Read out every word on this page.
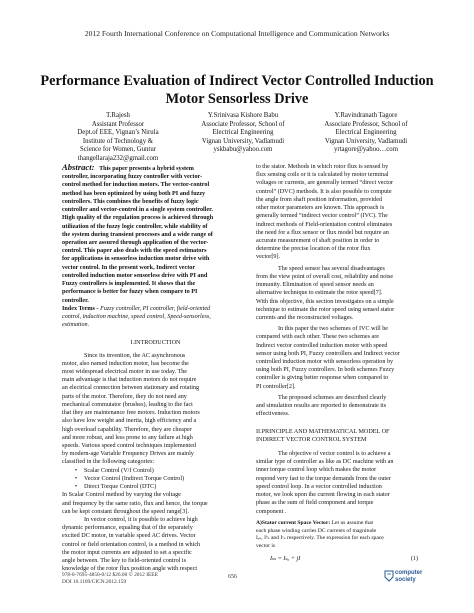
2012 Fourth International Conference on Computational Intelligence and Communication Networks
Performance Evaluation of Indirect Vector Controlled Induction
Motor Sensorless Drive
T.Rajesh
Assistant Professor
Dept.of EEE, Vignan’s Nirula
Institute of Technology &
Science for Women, Guntur
thangellaraja232@gmail.com
Y.Srinivasa Kishore Babu
Associate Professor, School of
Electrical Engineering
Vignan University, Vadlamudi
yskbabu@yahoo.com
Y.Ravindranath Tagore
Associate Professor, School of
Electrical Engineering
Vignan University, Vadlamudi
yrtagore@yahoo…com

Abstract: This paper presents a hybrid system

controller, incorporating fuzzy controller with vector-

control method for induction motors. The vector-control

method has been optimized by using both PI and fuzzy

controllers. This combines the benefits of fuzzy logic

controller and vector-control in a single system controller.

High quality of the regulation process is achieved through

utilization of the fuzzy logic controller, while stability of

the system during transient processes and a wide range of

operation are assured through application of the vector-

control. This paper also deals with the speed estimators

for applications in sensorless induction motor drive with

vector control. In the present work, Indirect vector

controlled induction motor sensorless drive with PI and

Fuzzy controllers is implemented. It shows that the

performance is better for fuzzy when compare to PI

controller.

Index Terms - Fuzzy controller, PI controller, field-oriented

control, induction machine, speed control, Speed-sensorless,

estimation.

I.INTRODUCTION

Since its invention, the AC asynchronous

motor, also named induction motor, has become the

most widespread electrical motor in use today. The

main advantage is that induction motors do not require

an electrical connection between stationary and rotating

parts of the motor. Therefore, they do not need any

mechanical commutator (brushes), leading to the fact

that they are maintenance free motors. Induction motors

also have low weight and inertia, high efficiency and a

high overload capability. Therefore, they are cheaper

and more robust, and less prone to any failure at high

speeds. Various speed control techniques implemented

by modern-age Variable Frequency Drives are mainly

classified in the following categories:

• Scalar Control (V/f Control)

• Vector Control (Indirect Torque Control)

• Direct Torque Control (DTC)

In Scalar Control method by varying the voltage

and frequency by the same ratio, flux and hence, the torque

can be kept constant throughout the speed range[3].

In vector control, it is possible to achieve high

dynamic performance, equaling that of the separately

excited DC motor, in variable speed AC drives. Vector

control or field orientation control, is a method in which

the motor input currents are adjusted to set a specific

angle between. The key to field-oriented control is

knowledge of the rotor flux position angle with respect

to the stator. Methods in which rotor flux is sensed by

flux sensing coils or it is calculated by motor terminal

voltages or currents, are generally termed “direct vector

control” (DVC) methods. It is also possible to compute

the angle from shaft position information, provided

other motor parameters are known. This approach is

generally termed “indirect vector control” (IVC). The

indirect methods of Field-orientation control eliminates

the need for a flux sensor or flux model but require an

accurate measurement of shaft position in order to

determine the precise location of the rotor flux

vector[9].

The speed sensor has several disadvantages

from the view point of overall cost, reliability and noise

immunity. Elimination of speed sensor needs an

alternative technique to estimate the rotor speed[7].

With this objective, this section investigates on a simple

technique to estimate the rotor speed using sensed stator

currents and the reconstructed voltages.

In this paper the two schemes of IVC will be

compared with each other. These two schemes are

Indirect vector controlled induction motor with speed

sensor using both PI, Fuzzy controllers and Indirect vector

controlled induction motor with sensorless operation by

using both PI, Fuzzy controllers. In both schemes Fuzzy

controller is giving better response when compared to

PI controller[2].

The proposed schemes are described clearly

and simulation results are reported to demonstrate its

effectiveness.

II.PRINCIPLE AND MATHEMATICAL MODEL OF

INDIRECT VECTOR CONTROL SYSTEM

The objective of vector control is to achieve a

similar type of controller as like as DC machine with an

inner torque control loop which makes the motor

respond very fast to the torque demands from the outer

speed control loop. In a vector controlled induction

motor, we look upon the current flowing in each stator

phase as the sum of field component and torque

component .

A)Stator current Space Vector: Let us assume that

each phase winding carries DC currents of magnitude

Iₐₛ, Iᵇₛ and Iᶜₛ respectively. The expression for each space

vector is

Iₛₛ = Iₛₐ + jI	(1)
978-0-7695-4850-0/12 $26.00 © 2012 IEEE
DOI 10.1109/CICN.2012.159
656
computer
society
